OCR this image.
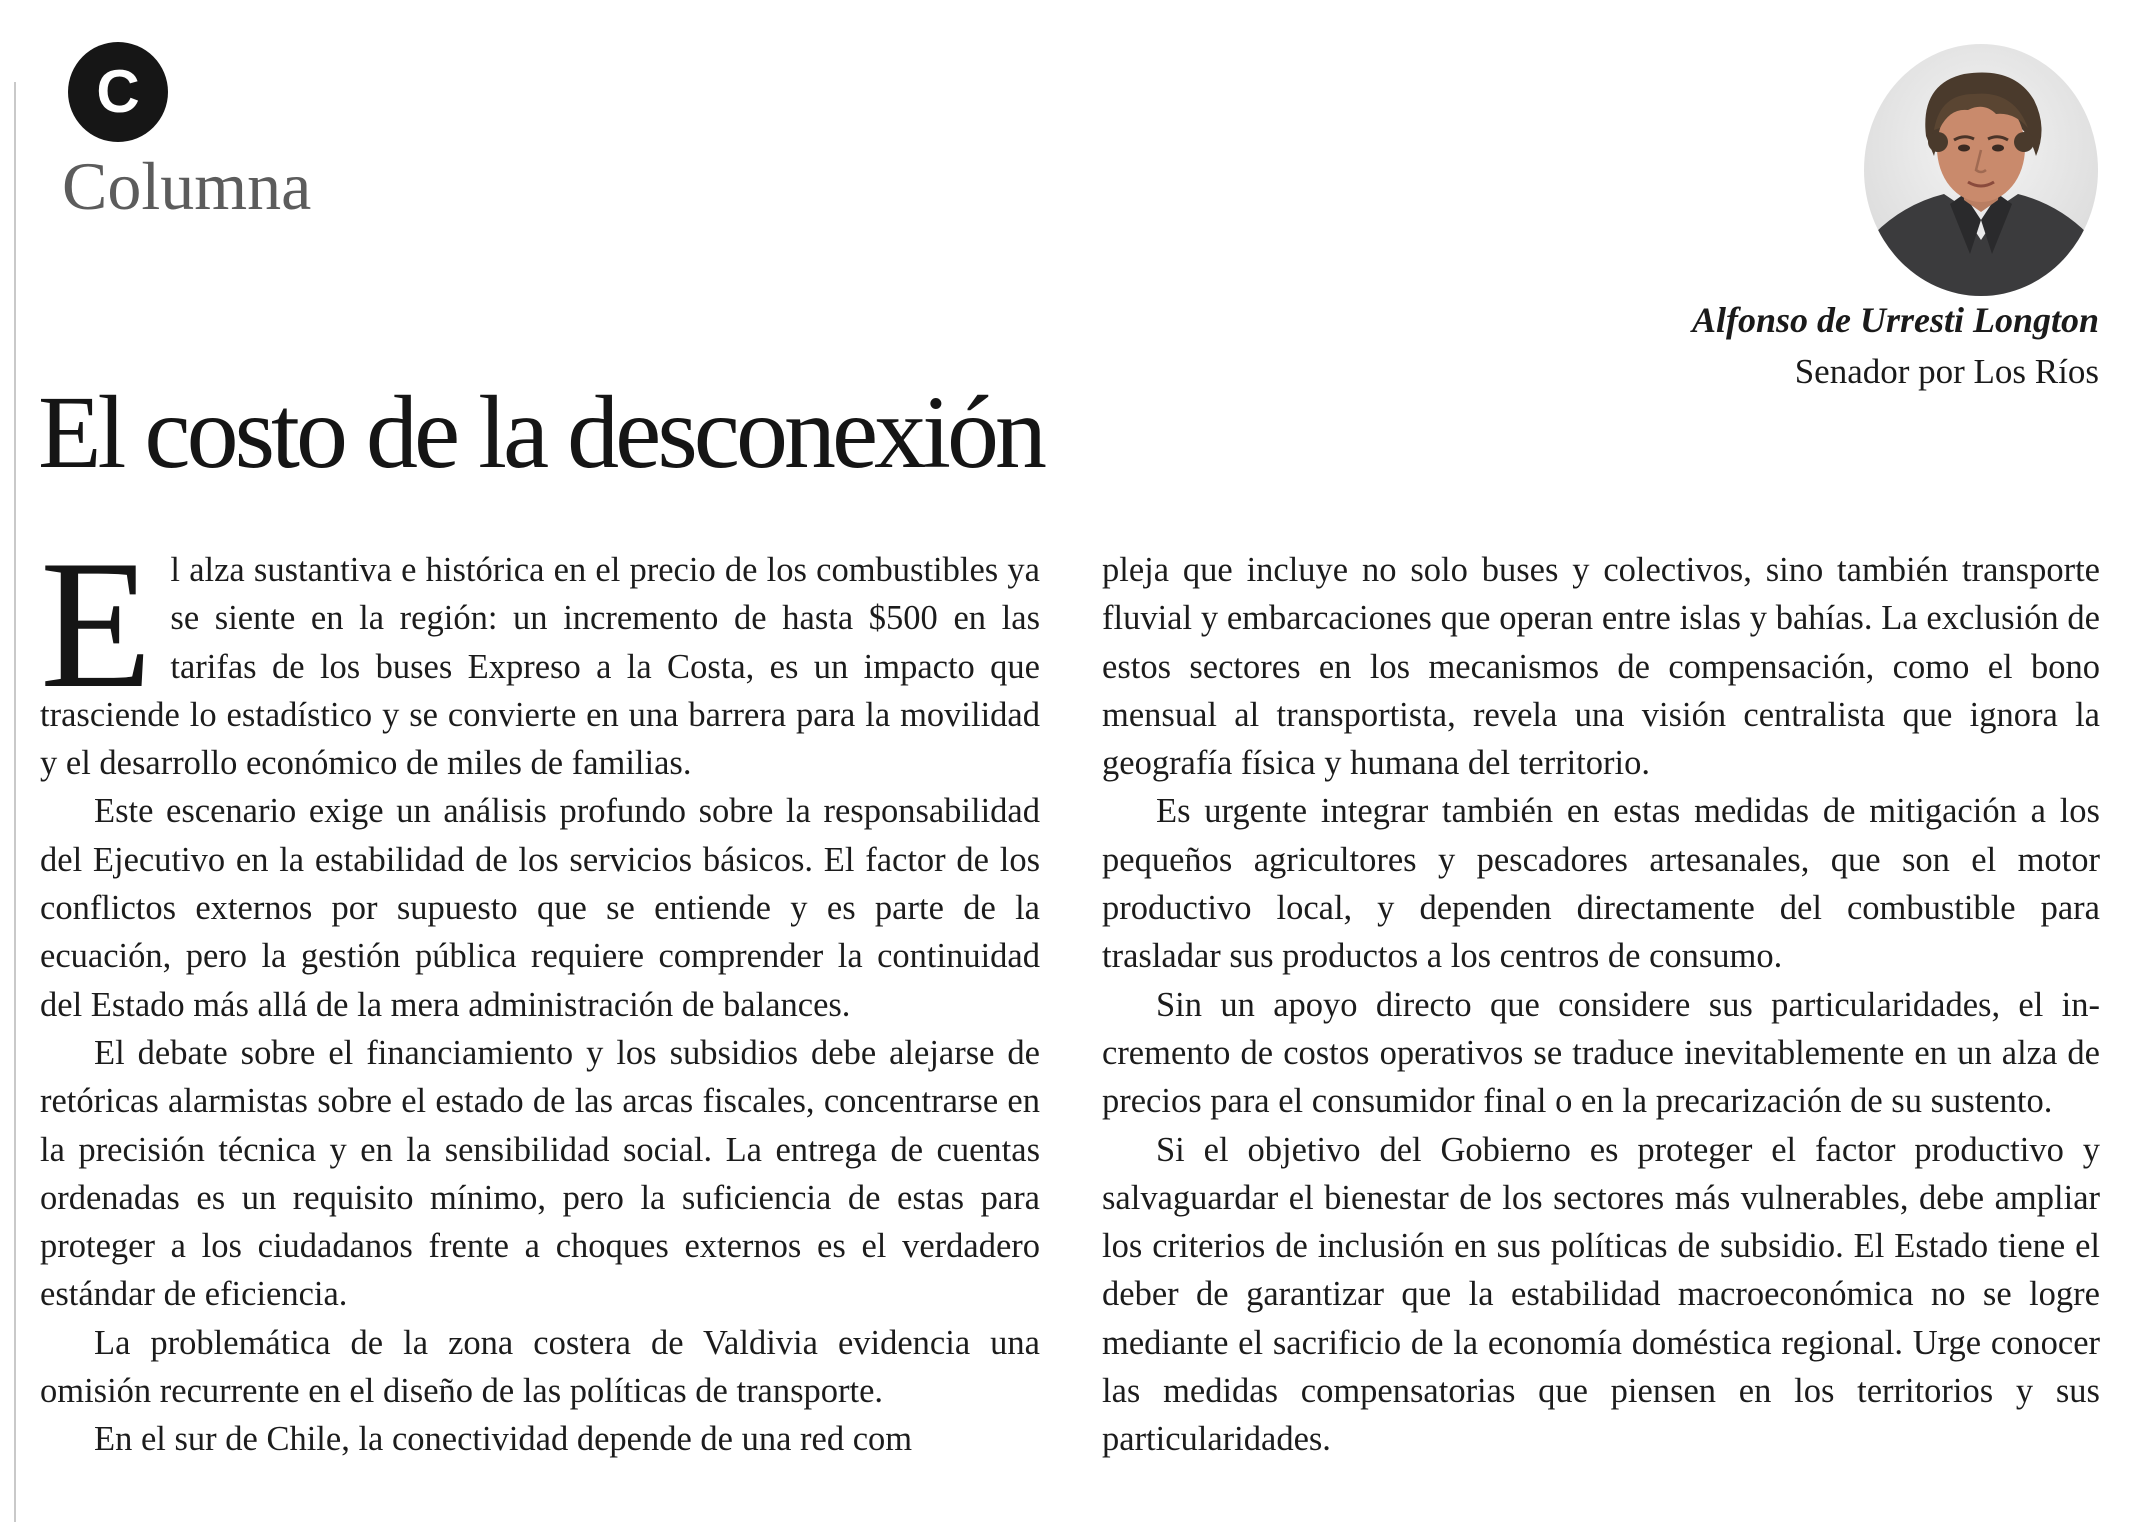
C
Columna
Alfonso de Urresti Longton
Senador por Los Ríos
El costo de la desconexión

El alza sustantiva e histórica en el precio de los combustibles ya se siente en la región: un incremento de hasta $500 en las tarifas de los buses Expreso a la Costa, es un impacto que trasciende lo estadístico y se convierte en una barrera para la movilidad y el desarrollo económico de miles de familias.

Este escenario exige un análisis profundo sobre la responsabilidad del Ejecutivo en la estabilidad de los servicios básicos. El factor de los conflictos externos por supuesto que se entiende y es parte de la ecuación, pero la gestión pública requiere comprender la continuidad del Estado más allá de la mera administración de balances.

El debate sobre el financiamiento y los subsidios debe alejarse de retóricas alarmistas sobre el estado de las arcas fiscales, concentrarse en la precisión técnica y en la sensibilidad social. La entrega de cuentas ordenadas es un requisito mínimo, pero la suficiencia de estas para proteger a los ciudadanos frente a choques externos es el verdadero estándar de eficiencia.

La problemática de la zona costera de Valdivia evidencia una omisión recurrente en el diseño de las políticas de transporte.

En el sur de Chile, la conectividad depende de una red com

pleja que incluye no solo buses y colectivos, sino también transporte fluvial y embarcaciones que operan entre islas y bahías. La exclusión de estos sectores en los mecanismos de compensación, como el bono mensual al transportista, revela una visión centralista que ignora la geografía física y humana del territorio.

Es urgente integrar también en estas medidas de mitigación a los pequeños agricultores y pescadores artesanales, que son el motor productivo local, y dependen directamente del combustible para trasladar sus productos a los centros de consumo.

Sin un apoyo directo que considere sus particularidades, el incremento de costos operativos se traduce inevitablemente en un alza de precios para el consumidor final o en la precarización de su sustento.

Si el objetivo del Gobierno es proteger el factor productivo y salvaguardar el bienestar de los sectores más vulnerables, debe ampliar los criterios de inclusión en sus políticas de subsidio. El Estado tiene el deber de garantizar que la estabilidad macroeconómica no se logre mediante el sacrificio de la economía doméstica regional. Urge conocer las medidas compensatorias que piensen en los territorios y sus particularidades.
